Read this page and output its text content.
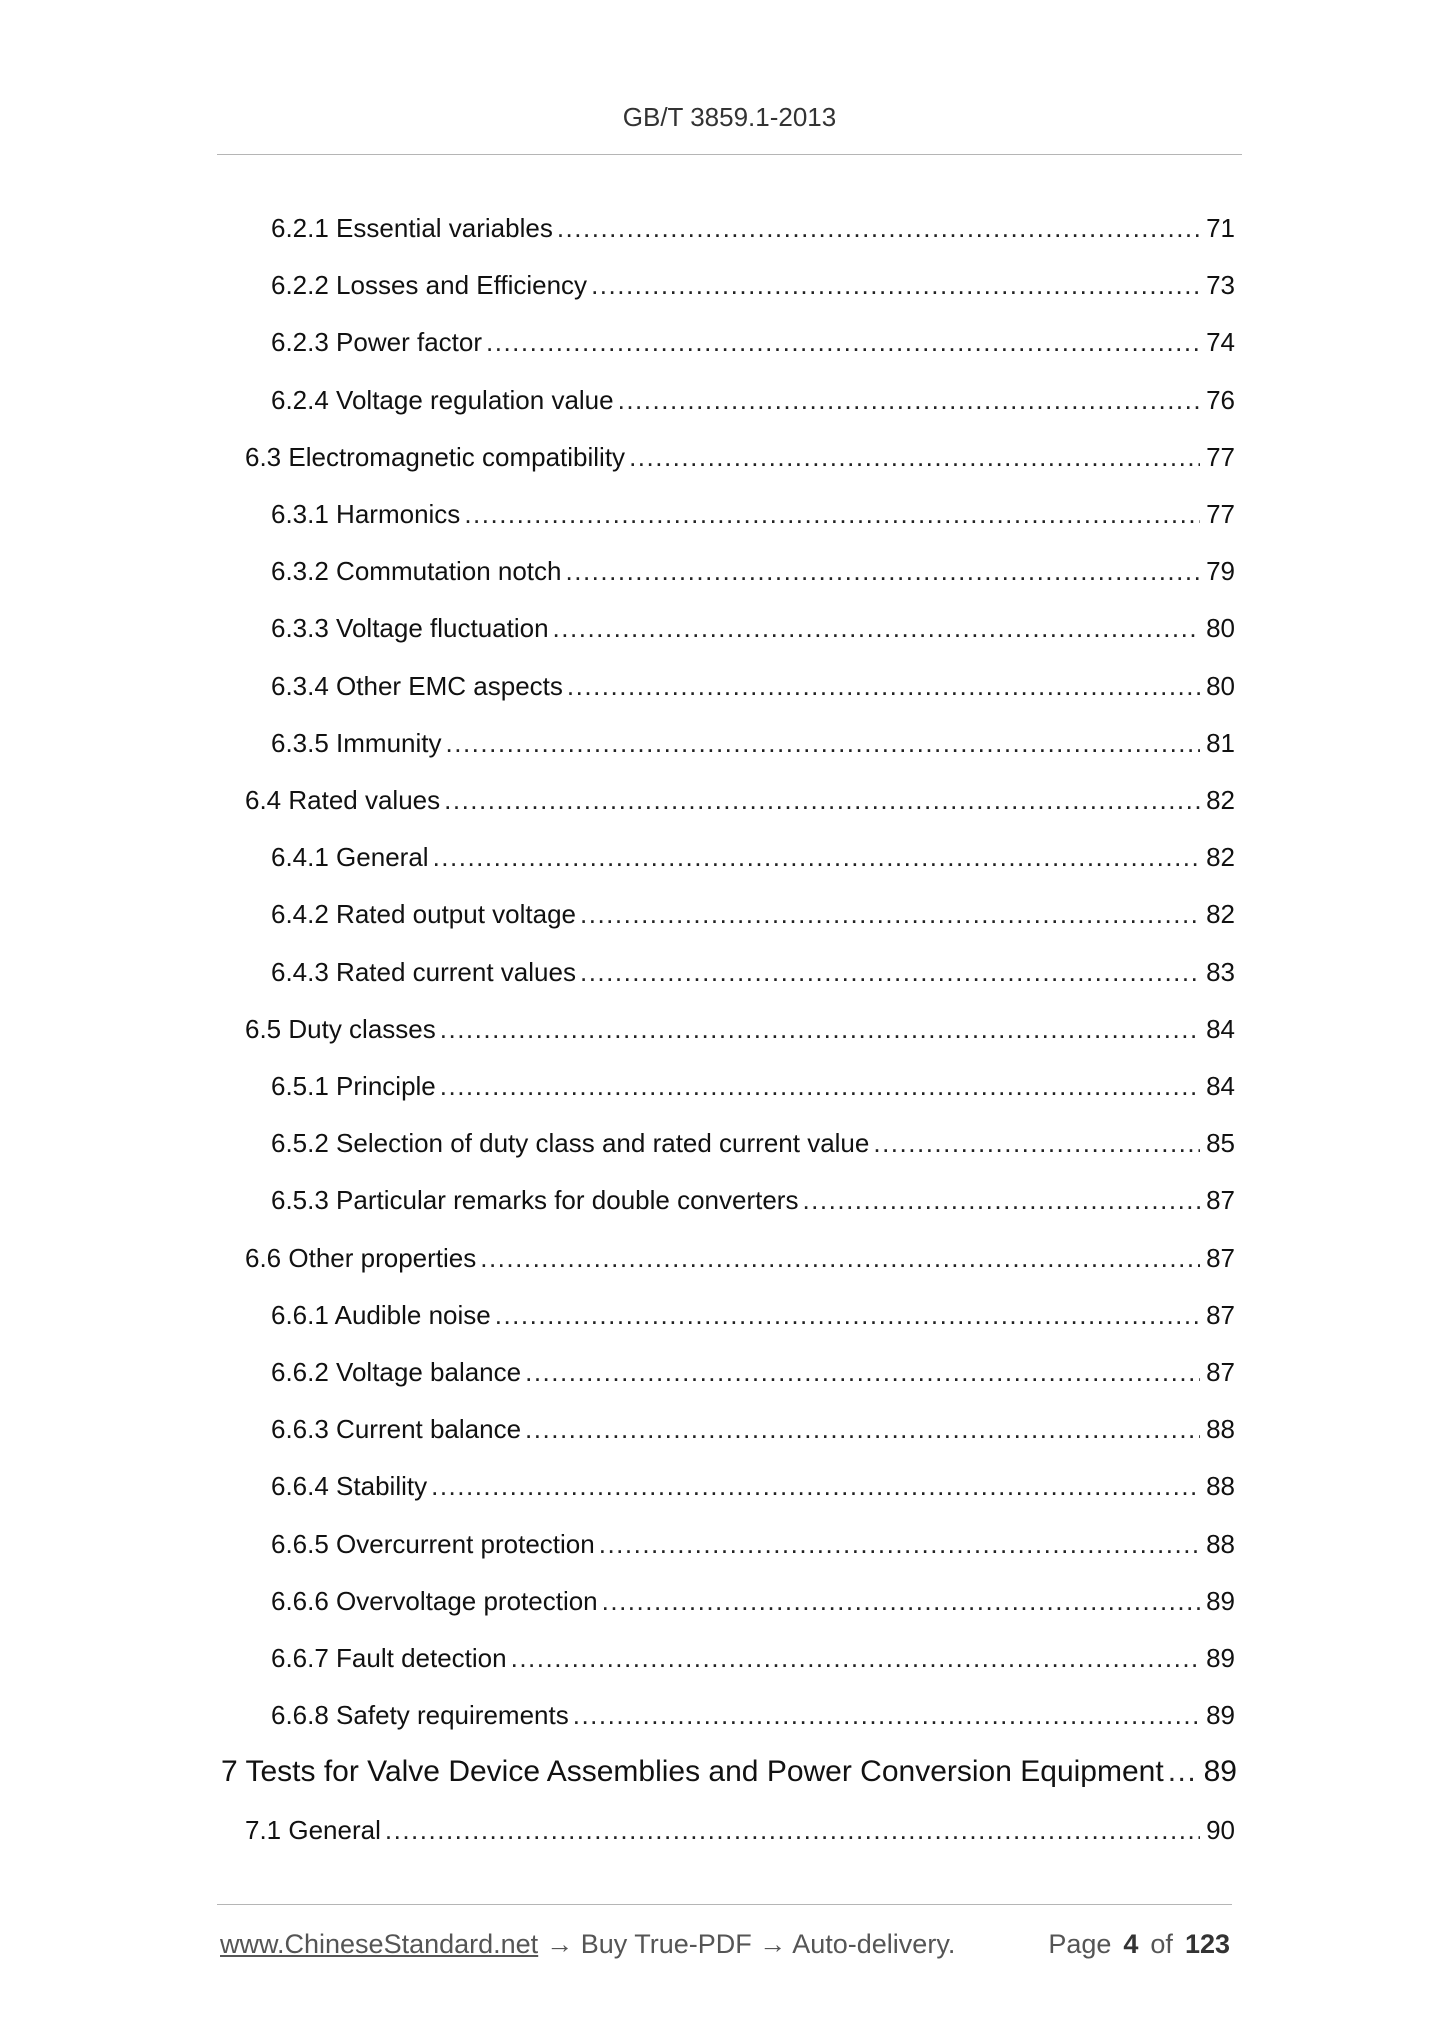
GB/T 3859.1-2013
6.2.1 Essential variables .....	71
6.2.2 Losses and Efficiency .....	73
6.2.3 Power factor .....	74
6.2.4 Voltage regulation value .....	76
6.3 Electromagnetic compatibility .....	77
6.3.1 Harmonics .....	77
6.3.2 Commutation notch .....	79
6.3.3 Voltage fluctuation .....	80
6.3.4 Other EMC aspects .....	80
6.3.5 Immunity .....	81
6.4 Rated values .....	82
6.4.1 General .....	82
6.4.2 Rated output voltage .....	82
6.4.3 Rated current values .....	83
6.5 Duty classes .....	84
6.5.1 Principle .....	84
6.5.2 Selection of duty class and rated current value .....	85
6.5.3 Particular remarks for double converters .....	87
6.6 Other properties .....	87
6.6.1 Audible noise .....	87
6.6.2 Voltage balance .....	87
6.6.3 Current balance .....	88
6.6.4 Stability .....	88
6.6.5 Overcurrent protection .....	88
6.6.6 Overvoltage protection .....	89
6.6.7 Fault detection .....	89
6.6.8 Safety requirements .....	89
7 Tests for Valve Device Assemblies and Power Conversion Equipment ..... 89
7.1 General .....	90
www.ChineseStandard.net → Buy True-PDF → Auto-delivery.	Page 4 of 123
